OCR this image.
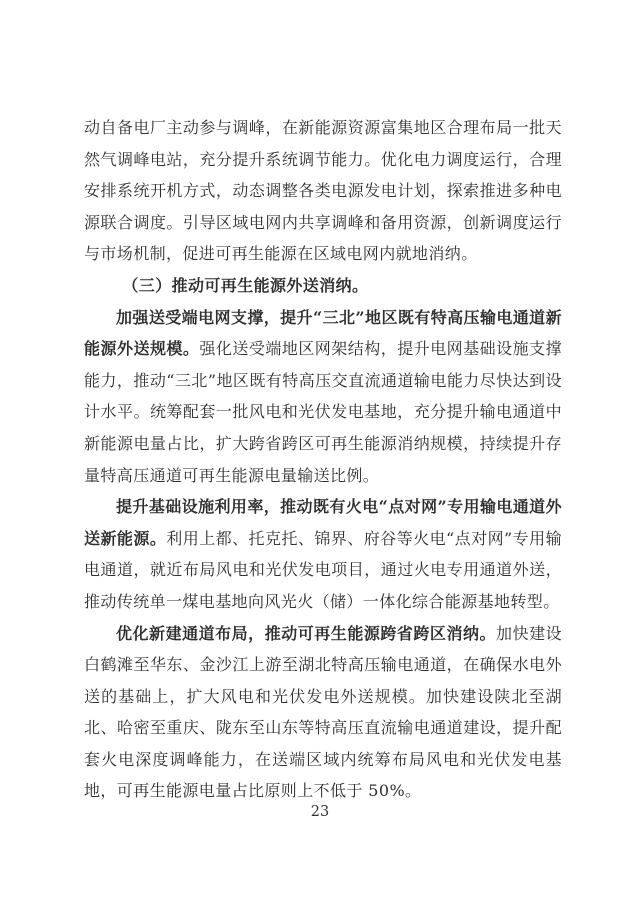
动自备电厂主动参与调峰，在新能源资源富集地区合理布局一批天然气调峰电站，充分提升系统调节能力。优化电力调度运行，合理安排系统开机方式，动态调整各类电源发电计划，探索推进多种电源联合调度。引导区域电网内共享调峰和备用资源，创新调度运行与市场机制，促进可再生能源在区域电网内就地消纳。

（三）推动可再生能源外送消纳。

加强送受端电网支撑，提升“三北”地区既有特高压输电通道新能源外送规模。强化送受端地区网架结构，提升电网基础设施支撑能力，推动“三北”地区既有特高压交直流通道输电能力尽快达到设计水平。统筹配套一批风电和光伏发电基地，充分提升输电通道中新能源电量占比，扩大跨省跨区可再生能源消纳规模，持续提升存量特高压通道可再生能源电量输送比例。

提升基础设施利用率，推动既有火电“点对网”专用输电通道外送新能源。利用上都、托克托、锦界、府谷等火电“点对网”专用输电通道，就近布局风电和光伏发电项目，通过火电专用通道外送，推动传统单一煤电基地向风光火（储）一体化综合能源基地转型。

优化新建通道布局，推动可再生能源跨省跨区消纳。加快建设白鹤滩至华东、金沙江上游至湖北特高压输电通道，在确保水电外送的基础上，扩大风电和光伏发电外送规模。加快建设陕北至湖北、哈密至重庆、陇东至山东等特高压直流输电通道建设，提升配套火电深度调峰能力，在送端区域内统筹布局风电和光伏发电基地，可再生能源电量占比原则上不低于 50%。

23
